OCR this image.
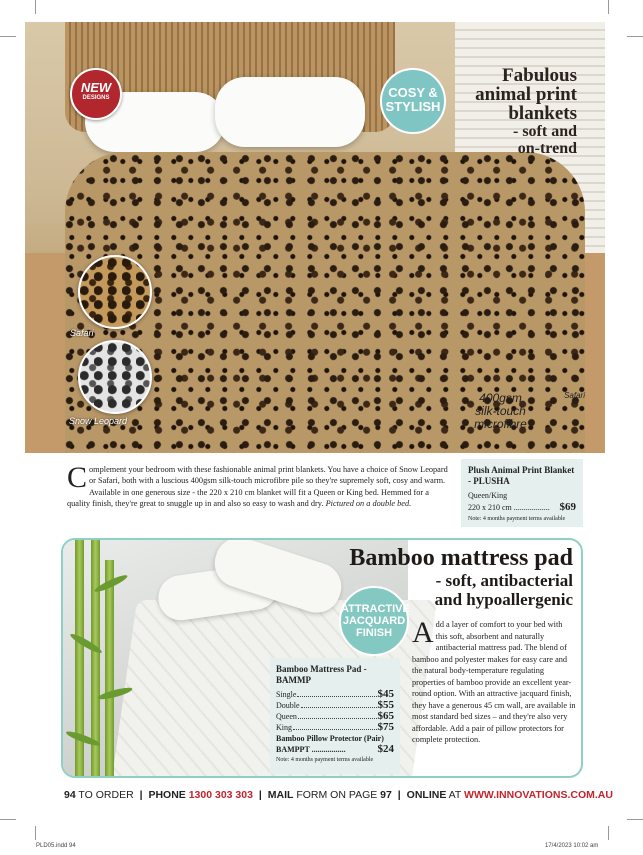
NEW
DESIGNS	COSY &
STYLISH
Fabulous
animal print
blankets
- soft and
on-trend
Safari
Snow Leopard
400gsm
silk-touch
microfibre
Safari

Complement your bedroom with these fashionable animal print blankets. You have a choice of Snow Leopard or Safari, both with a luscious 400gsm silk-touch microfibre pile so they're supremely soft, cosy and warm. Available in one generous size - the 220 x 210 cm blanket will fit a Queen or King bed. Hemmed for a quality finish, they're great to snuggle up in and also so easy to wash and dry. Pictured on a double bed.

Plush Animal Print Blanket - PLUSHA
Queen/King
220 x 210 cm .................. $69
Note: 4 months payment terms available
ATTRACTIVE
JACQUARD
FINISH
Bamboo mattress pad
- soft, antibacterial
and hypoallergenic

Add a layer of comfort to your bed with this soft, absorbent and naturally antibacterial mattress pad. The blend of bamboo and polyester makes for easy care and the natural body-temperature regulating properties of bamboo provide an excellent year-round option. With an attractive jacquard finish, they have a generous 45 cm wall, are available in most standard bed sizes – and they're also very affordable. Add a pair of pillow protectors for complete protection.

Bamboo Mattress Pad -BAMMP
Single	$45
Double	$55
Queen	$65
King	$75
Bamboo Pillow Protector (Pair)
BAMPPT .................	$24
Note: 4 months payment terms available
94 TO ORDER | PHONE 1300 303 303 | MAIL FORM ON PAGE 97 | ONLINE AT WWW.INNOVATIONS.COM.AU
PLD05.indd 94	17/4/2023 10:02 am
